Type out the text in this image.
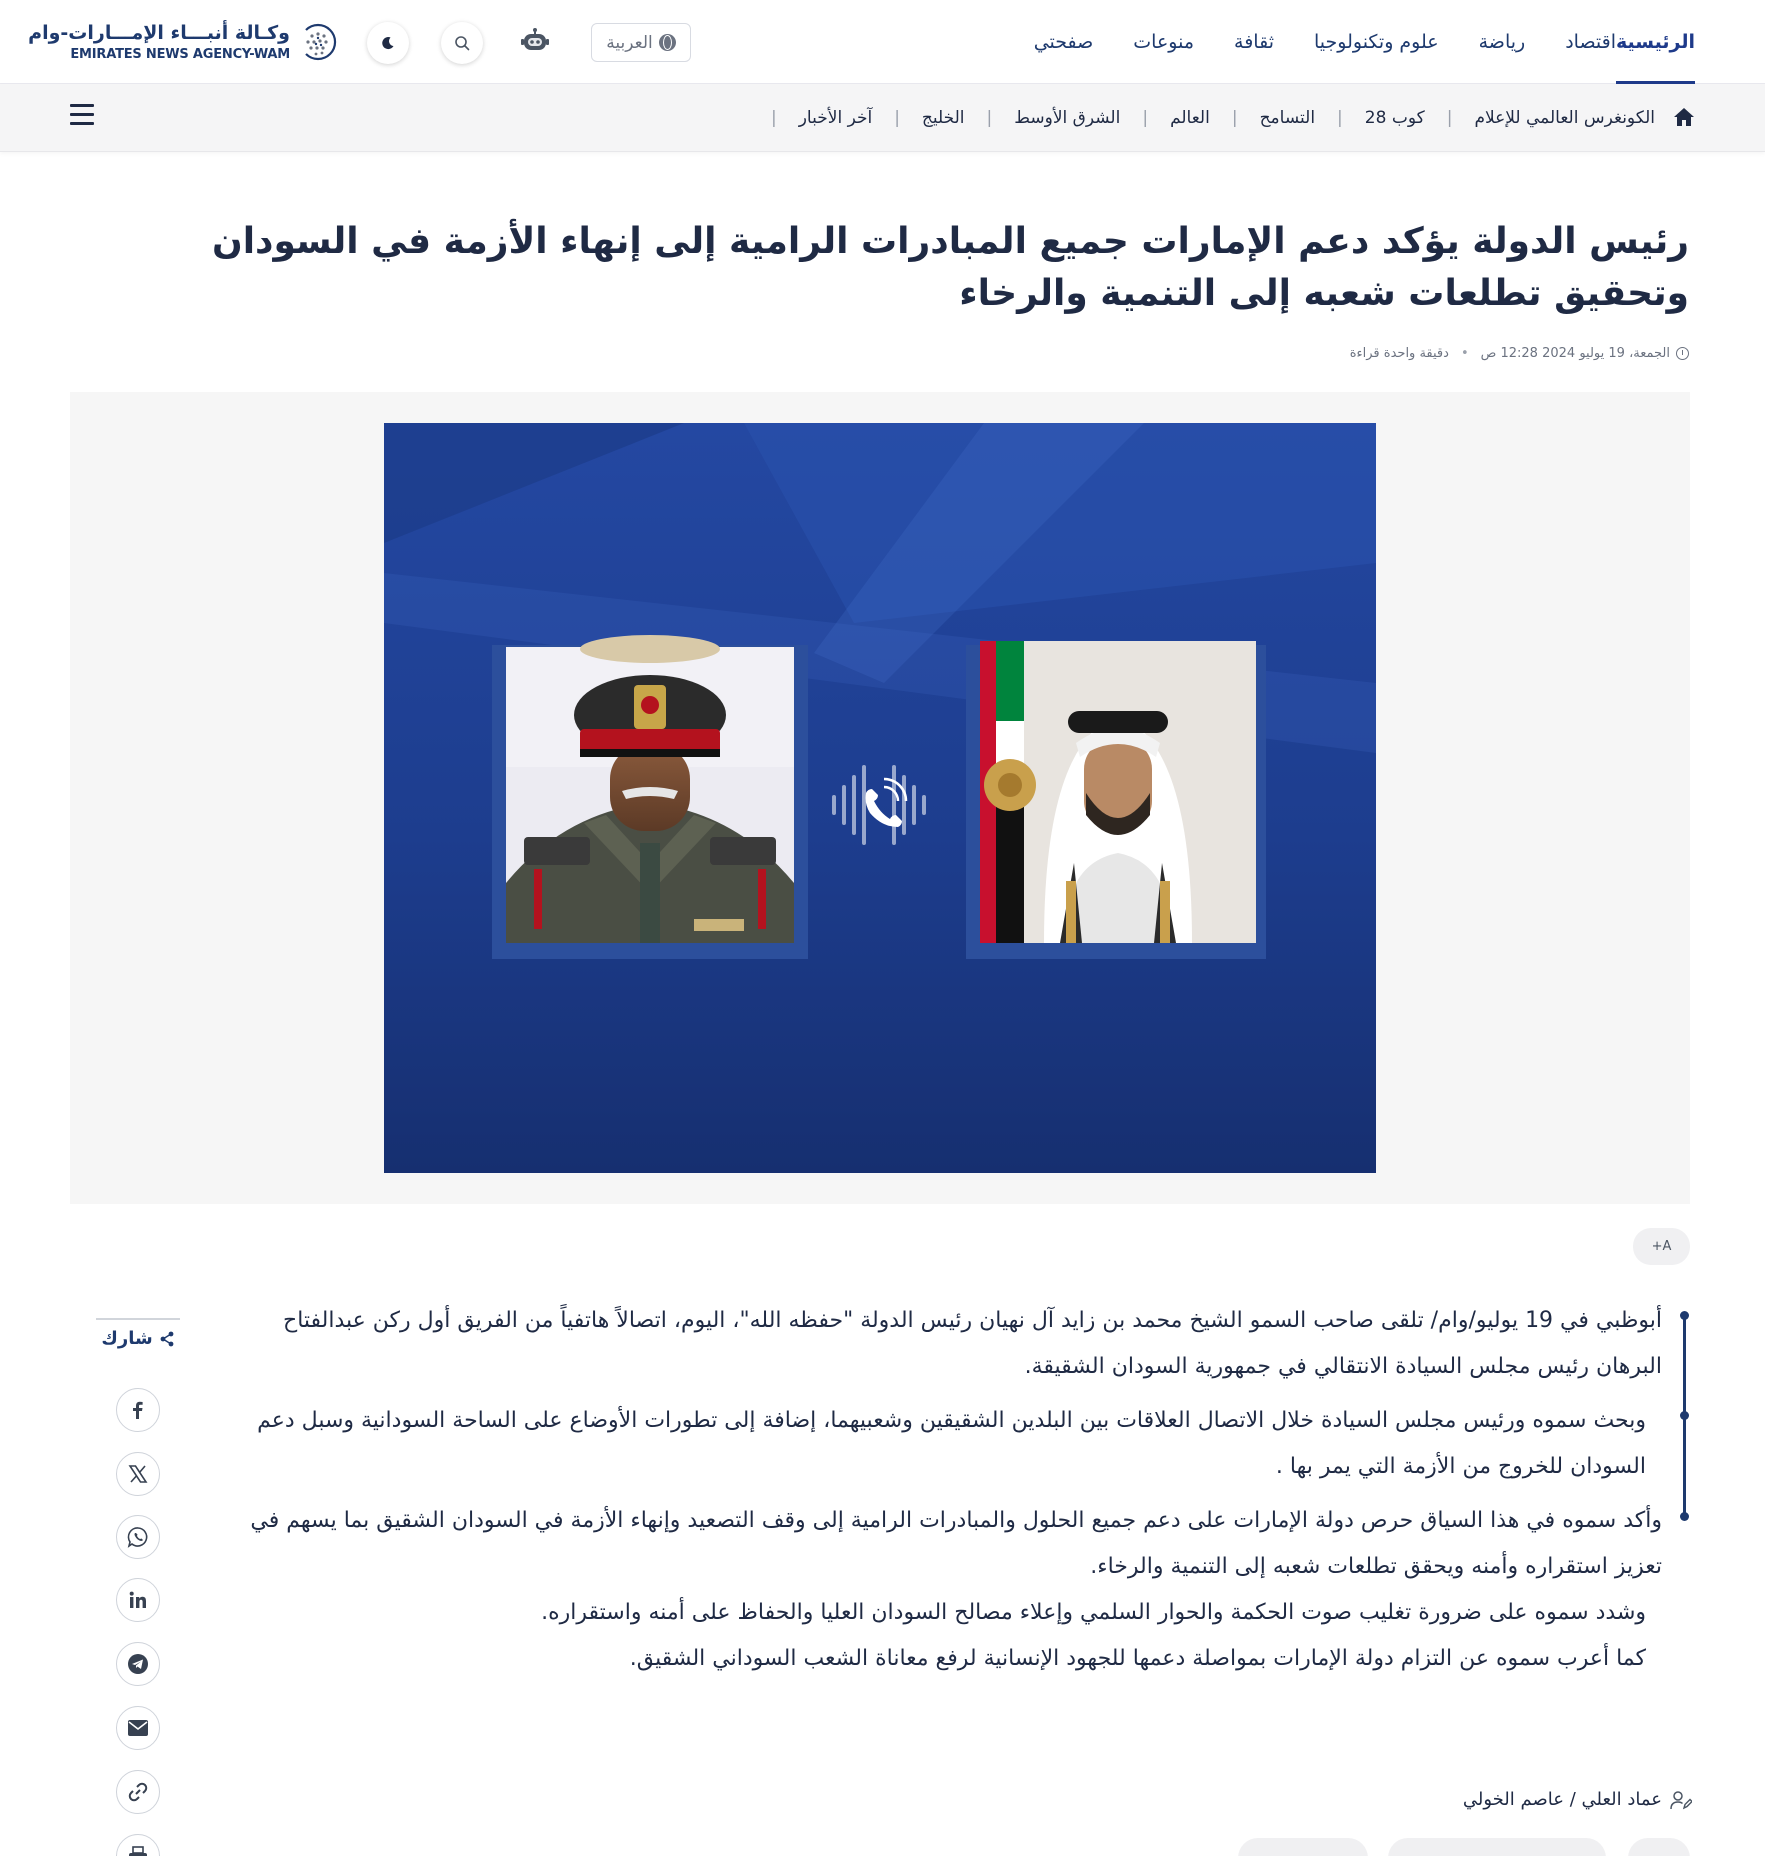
الرئيسية
اقتصاد
رياضة
علوم وتكنولوجيا
ثقافة
منوعات
صفحتي
العربية
وكـالة أنبـــاء الإمـــارات-وام
EMIRATES NEWS AGENCY-WAM
| آخر الأخبار | الخليج | الشرق الأوسط | العالم | التسامح | كوب 28 | الكونغرس العالمي للإعلام
رئيس الدولة يؤكد دعم الإمارات جميع المبادرات الرامية إلى إنهاء الأزمة في السودان وتحقيق تطلعات شعبه إلى التنمية والرخاء
الجمعة، 19 يوليو 2024 12:28 ص
•
دقيقة واحدة قراءة
+A
شارك

أبوظبي في 19 يوليو/وام/ تلقى صاحب السمو الشيخ محمد بن زايد آل نهيان رئيس الدولة "حفظه الله"، اليوم، اتصالاً هاتفياً من الفريق أول ركن عبدالفتاح البرهان رئيس مجلس السيادة الانتقالي في جمهورية السودان الشقيقة.

وبحث سموه ورئيس مجلس السيادة خلال الاتصال العلاقات بين البلدين الشقيقين وشعبيهما، إضافة إلى تطورات الأوضاع على الساحة السودانية وسبل دعم السودان للخروج من الأزمة التي يمر بها .

وأكد سموه في هذا السياق حرص دولة الإمارات على دعم جميع الحلول والمبادرات الرامية إلى وقف التصعيد وإنهاء الأزمة في السودان الشقيق بما يسهم في تعزيز استقراره وأمنه ويحقق تطلعات شعبه إلى التنمية والرخاء.

وشدد سموه على ضرورة تغليب صوت الحكمة والحوار السلمي وإعلاء مصالح السودان العليا والحفاظ على أمنه واستقراره.

كما أعرب سموه عن التزام دولة الإمارات بمواصلة دعمها للجهود الإنسانية لرفع معاناة الشعب السوداني الشقيق.

عماد العلي / عاصم الخولي
